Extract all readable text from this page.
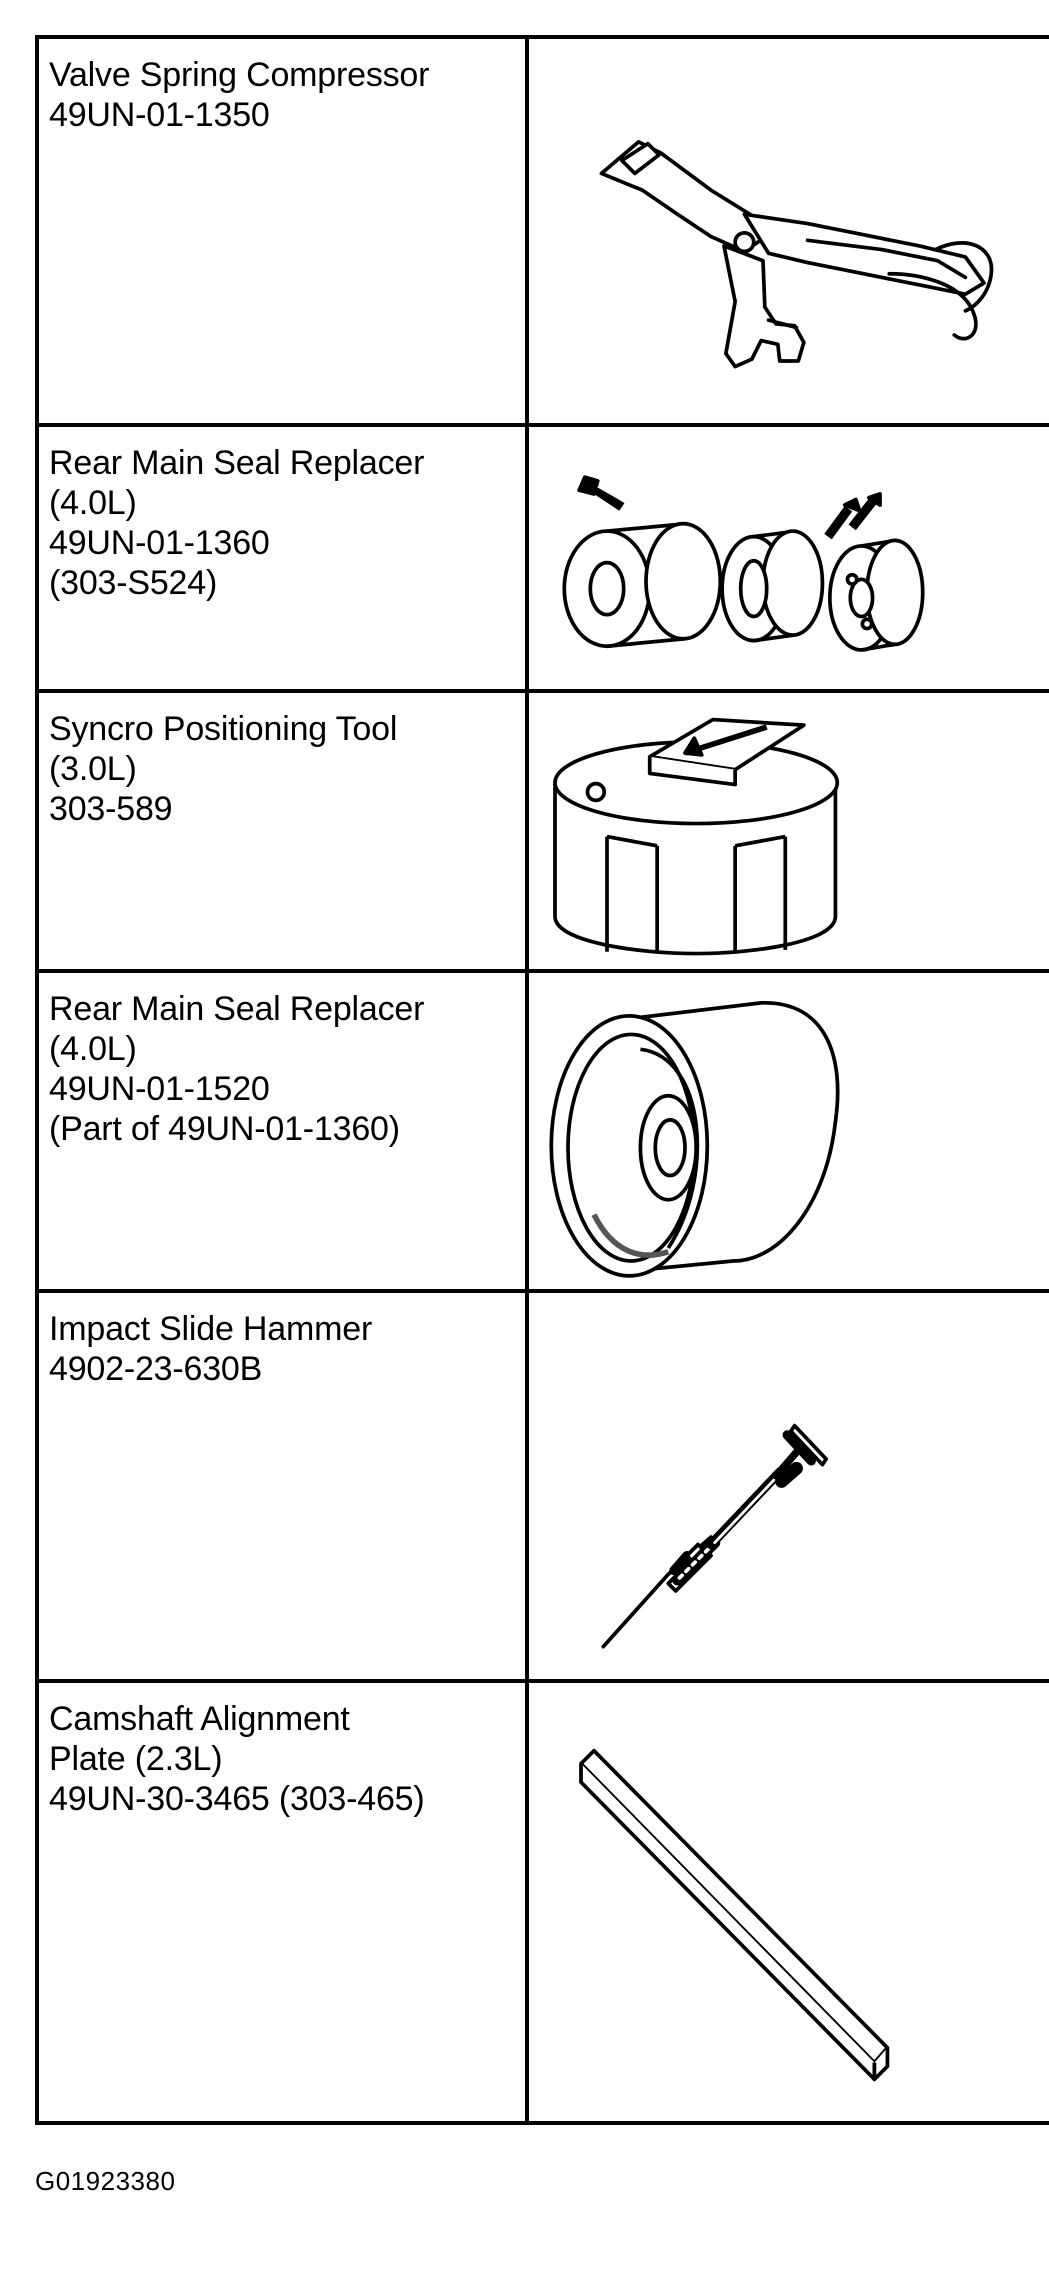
Valve Spring Compressor
49UN-01-1350
Rear Main Seal Replacer
(4.0L)
49UN-01-1360
(303-S524)
Syncro Positioning Tool
(3.0L)
303-589
Rear Main Seal Replacer
(4.0L)
49UN-01-1520
(Part of 49UN-01-1360)
Impact Slide Hammer
4902-23-630B
Camshaft Alignment
Plate (2.3L)
49UN-30-3465 (303-465)
G01923380
